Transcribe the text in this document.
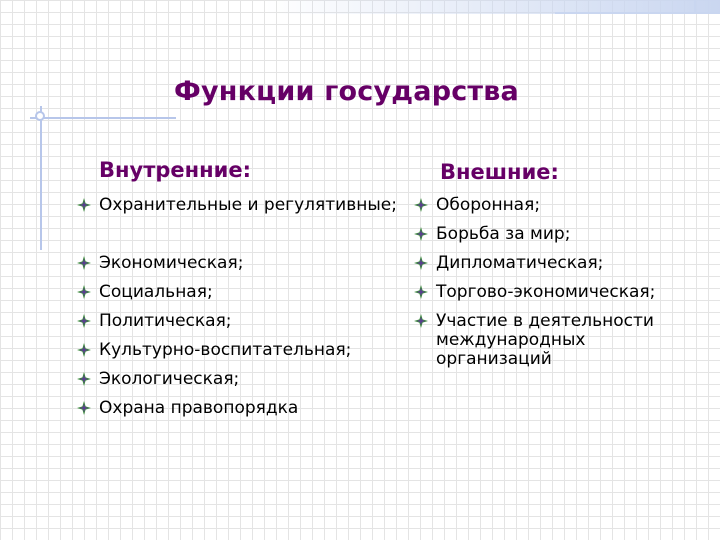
Функции государства
Внутренние:	Внешние:
Охранительные и регулятивные;
Экономическая;
Социальная;
Политическая;
Культурно-воспитательная;
Экологическая;
Охрана правопорядка
Оборонная;
Борьба за мир;
Дипломатическая;
Торгово-экономическая;
Участие в деятельности
международных
организаций
